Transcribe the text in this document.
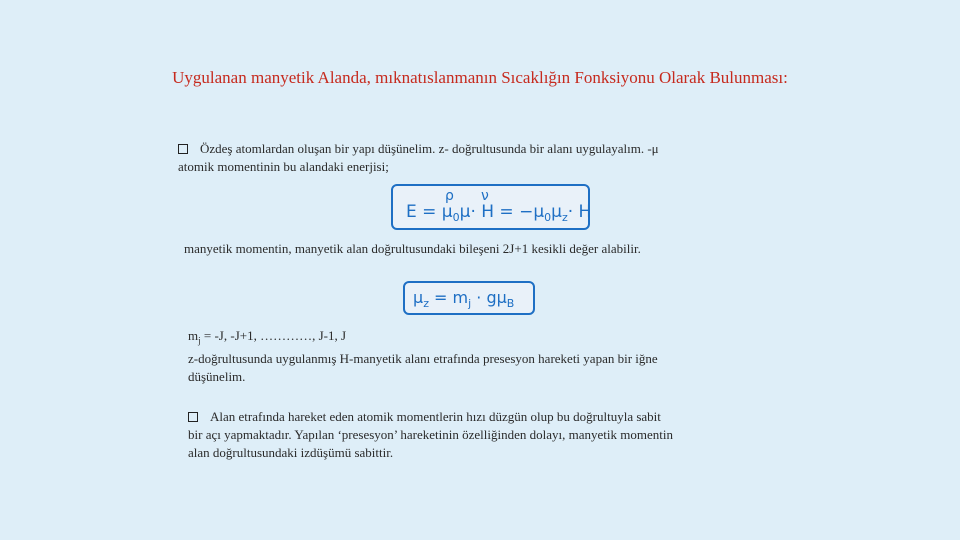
Uygulanan manyetik Alanda, mıknatıslanmanın Sıcaklığın Fonksiyonu Olarak Bulunması:
Özdeş atomlardan oluşan bir yapı düşünelim. z- doğrultusunda bir alanı uygulayalım. -μ
atomik momentinin bu alandaki enerjisi;
ρ ν
$E = \mu_0\mu\cdot H = -\mu_0\mu_z\cdot H$
manyetik momentin, manyetik alan doğrultusundaki bileşeni 2J+1 kesikli değer alabilir.
$\mu_z = m_j \cdot g\mu_B$
$m_j = -J$, -J+1, …………, J-1, J
z-doğrultusunda uygulanmış H-manyetik alanı etrafında presesyon hareketi yapan bir iğne
düşünelim.
Alan etrafında hareket eden atomik momentlerin hızı düzgün olup bu doğrultuyla sabit
bir açı yapmaktadır. Yapılan ‘presesyon’ hareketinin özelliğinden dolayı, manyetik momentin
alan doğrultusundaki izdüşümü sabittir.
